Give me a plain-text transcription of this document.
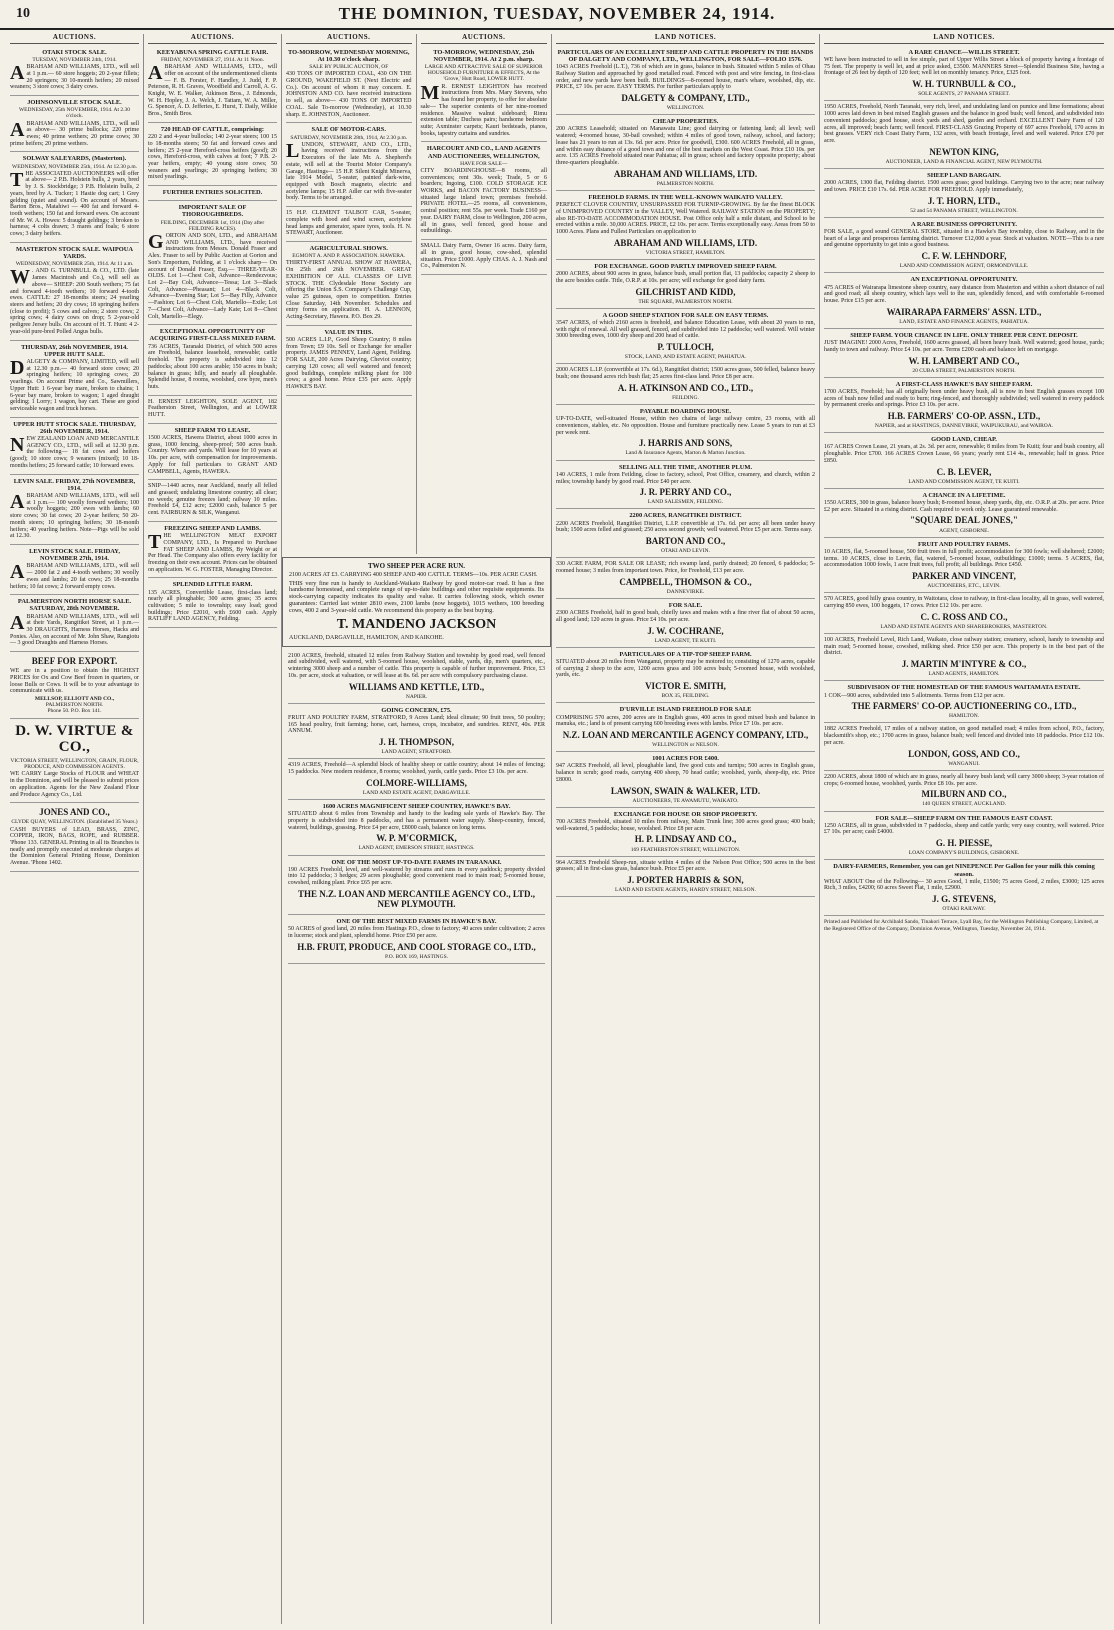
10	THE DOMINION, TUESDAY, NOVEMBER 24, 1914.
AUCTIONS.
OTAKI STOCK SALE.
TUESDAY, NOVEMBER 24th, 1914.

ABRAHAM AND WILLIAMS, LTD., will sell at 1 p.m.— 60 store hoggets; 20 2-year fillets; 20 springers; 30 10-month heifers; 20 mixed weaners; 3 store cows; 3 dairy cows.

JOHNSONVILLE STOCK SALE.
WEDNESDAY, 25th NOVEMBER, 1914. At 2.30 o'clock.

ABRAHAM AND WILLIAMS, LTD., will sell as above— 30 prime bullocks; 220 prime ewes; 40 prime wethers; 20 prime cows; 30 prime heifers; 20 prime wethers.

SOLWAY SALEYARDS, (Masterton).
WEDNESDAY, NOVEMBER 25th, 1914. At 12.30 p.m.

THE ASSOCIATED AUCTIONEERS will offer at above— 2 P.B. Holstein bulls, 2 years, bred by J. S. Stockbridge; 3 P.B. Holstein bulls, 2 years, bred by A. Tucker; 1 Hastie dog cart; 1 Grey gelding (quiet and sound). On account of Messrs. Barton Bros., Matahiwi — 400 fat and forward 4-tooth wethers; 150 fat and forward ewes. On account of Mr. W. A. Howes: 5 draught geldings; 3 broken to harness; 4 colts drawn; 3 mares and foals; 6 store cows; 3 dairy heifers.

MASTERTON STOCK SALE. WAIPOUA YARDS.
WEDNESDAY, NOVEMBER 25th, 1914. At 11 a.m.

W . AND G. TURNBULL & CO., LTD. (late James Macintosh and Co.), will sell as above— SHEEP: 200 South wethers; 75 fat and forward 4-tooth wethers; 10 forward 4-tooth ewes. CATTLE: 27 18-months steers; 24 yearling steers and heifers; 20 dry cows; 18 springing heifers (close to profit); 5 cows and calves; 2 store cows; 2 spring cows; 4 dairy cows on drop; 5 2-year-old pedigree Jersey bulls. On account of H. T. Hunt: 4 2-year-old pure-bred Polled Angus bulls.

THURSDAY, 26th NOVEMBER, 1914. UPPER HUTT SALE.

DALGETY & COMPANY, LIMITED, will sell at 12.30 p.m.— 40 forward store cows; 20 springing heifers; 10 springing cows; 20 yearlings. On account Prime and Co., Sawmillers, Upper Hutt: 1 6-year bay mare, broken to chains; 1 6-year bay mare, broken to wagon; 1 aged draught gelding; 1 Lorry; 1 wagon, bay cart. These are good serviceable wagon and truck horses.

UPPER HUTT STOCK SALE. THURSDAY, 26th NOVEMBER, 1914.

NEW ZEALAND LOAN AND MERCANTILE AGENCY CO., LTD., will sell at 12.30 p.m. the following— 18 fat cows and heifers (good); 10 store cows; 9 weaners (mixed); 10 18-months heifers; 25 forward cattle; 10 forward ewes.

LEVIN SALE. FRIDAY, 27th NOVEMBER, 1914.

ABRAHAM AND WILLIAMS, LTD., will sell at 1 p.m.— 100 woolly forward wethers; 100 woolly hoggets; 200 ewes with lambs; 60 store cows; 30 fat cows; 20 2-year heifers; 50 20-month steers; 10 springing heifers; 30 18-month heifers; 40 yearling heifers. Note—Pigs will be sold at 12.30.

LEVIN STOCK SALE. FRIDAY, NOVEMBER 27th, 1914.

ABRAHAM AND WILLIAMS, LTD., will sell— 2000 fat 2 and 4-tooth wethers; 30 woolly ewes and lambs; 20 fat cows; 25 18-months heifers; 10 fat cows; 2 forward empty cows.

PALMERSTON NORTH HORSE SALE. SATURDAY, 28th NOVEMBER.

ABRAHAM AND WILLIAMS, LTD., will sell at their Yards, Rangitikei Street, at 1 p.m.— 30 DRAUGHTS, Harness Horses, Hacks and Ponies. Also, on account of Mr. John Shaw, Rangiotu— 3 good Draughts and Harness Horses.

BEEF FOR EXPORT.

WE are in a position to obtain the HIGHEST PRICES for Ox and Cow Beef frozen in quarters, or loose Bulls or Cows. It will be to your advantage to communicate with us.

MELLSOP, ELLIOTT AND CO.,
PALMERSTON NORTH.
Phone 50. P.O. Box 141.
D. W. VIRTUE & CO.,
VICTORIA STREET, WELLINGTON, GRAIN, FLOUR, PRODUCE, AND COMMISSION AGENTS.

WE CARRY Large Stocks of FLOUR and WHEAT in the Dominion, and will be pleased to submit prices on application. Agents for the New Zealand Flour and Produce Agency Co., Ltd.

JONES AND CO.,
CLYDE QUAY, WELLINGTON. (Established 35 Years.)

CASH BUYERS of LEAD, BRASS, ZINC, COPPER, IRON, BAGS, ROPE, and RUBBER. 'Phone 133. GENERAL Printing in all its Branches is neatly and promptly executed at moderate charges at the Dominion General Printing House, Dominion Avenue. 'Phone 1402.

AUCTIONS.
KEEYABUNA SPRING CATTLE FAIR.
FRIDAY, NOVEMBER 27, 1914. At 11 Noon.

ABRAHAM AND WILLIAMS, LTD., will offer on account of the undermentioned clients — F. B. Forster, F. Handley, J. Judd, F. P. Peterson, R. H. Graves, Woodfield and Carroll, A. G. Knight, W. E. Walker, Atkinson Bros., J. Edmonds, W. H. Hopley, J. A. Welch, J. Tattam, W. A. Miller, G. Spencer, A. D. Jefferies, E. Hurst, T. Daily, Wilkie Bros., Smith Bros.

720 HEAD OF CATTLE, comprising:

220 2 and 4-year bullocks; 140 2-year steers; 100 15 to 18-months steers; 50 fat and forward cows and heifers; 25 2-year Hereford-cross heifers (good); 20 cows, Hereford-cross, with calves at foot; 7 P.B. 2-year heifers, empty; 40 young store cows; 50 weaners and yearlings; 20 springing heifers; 30 mixed yearlings.

FURTHER ENTRIES SOLICITED.
IMPORTANT SALE OF THOROUGHBREDS.
FEILDING, DECEMBER 1st, 1914 (Day after FEILDING RACES).

GORTON AND SON, LTD., and ABRAHAM AND WILLIAMS, LTD., have received instructions from Messrs. Donald Fraser and Alex. Fraser to sell by Public Auction at Gorton and Son's Emporium, Feilding, at 1 o'clock sharp— On account of Donald Fraser, Esq.— THREE-YEAR-OLDS. Lot 1—Chest Colt, Advance—Rendezvous; Lot 2—Bay Colt, Advance—Tessa; Lot 3—Black Colt, Advance—Pheasant; Lot 4—Black Colt, Advance—Evening Star; Lot 5—Bay Filly, Advance—Fashion; Lot 6—Chest Colt, Martello—Exile; Lot 7—Chest Colt, Advance—Lady Kate; Lot 8—Chest Colt, Martello—Elegy.

EXCEPTIONAL OPPORTUNITY OF ACQUIRING FIRST-CLASS MIXED FARM.

736 ACRES, Taranaki District, of which 500 acres are Freehold, balance leasehold, renewable; cattle freehold. The property is subdivided into 12 paddocks; about 100 acres arable; 150 acres in bush; balance in grass; hilly, and nearly all ploughable. Splendid house, 8 rooms, woolshed, cow byre, men's huts.

H. ERNEST LEIGHTON, SOLE AGENT, 182 Featherston Street, Wellington, and at LOWER HUTT.

SHEEP FARM TO LEASE.

1500 ACRES, Hawera District, about 1000 acres in grass, 1000 fencing, sheep-proof; 500 acres bush. Country. Where and yards. Will lease for 10 years at 10s. per acre, with compensation for improvements. Apply for full particulars to GRANT AND CAMPBELL, Agents, HAWERA.

SNIP—1440 acres, near Auckland, nearly all felled and grassed; undulating limestone country; all clear; no weeds; genuine freezes land; railway 10 miles. Freehold £4, £12 acre; £2000 cash, balance 5 per cent. FAIRBURN & SILK, Wanganui.

FREEZING SHEEP AND LAMBS.

THE WELLINGTON MEAT EXPORT COMPANY, LTD., Is Prepared to Purchase FAT SHEEP AND LAMBS, By Weight or at Per Head. The Company also offers every facility for freezing on their own account. Prices can be obtained on application. W. G. FOSTER, Managing Director.

SPLENDID LITTLE FARM.

135 ACRES, Convertible Lease, first-class land; nearly all ploughable; 300 acres grass; 35 acres cultivation; 5 mile to township; easy load; good buildings; Price £2010, with £600 cash. Apply RATLIFF LAND AGENCY, Feilding.

AUCTIONS.
TO-MORROW, WEDNESDAY MORNING, At 10.30 o'clock sharp.
SALE BY PUBLIC AUCTION, OF

430 TONS OF IMPORTED COAL, 430 ON THE GROUND, WAKEFIELD ST. (Next Electric and Co.). On account of whom it may concern. E. JOHNSTON AND CO. have received instructions to sell, as above— 430 TONS OF IMPORTED COAL. Sale To-morrow (Wednesday), at 10.30 sharp. E. JOHNSTON, Auctioneer.

SALE OF MOTOR-CARS.
SATURDAY, NOVEMBER 28th, 1914, At 2.30 p.m.

LUNDON, STEWART, AND CO., LTD., having received instructions from the Executors of the late Mr. A. Shepherd's estate, will sell at the Tourist Motor Company's Garage, Hastings— 15 H.P. Silent Knight Minerva, late 1914 Model, 5-seater, painted dark-wine, equipped with Bosch magneto, electric and acetylene lamps; 15 H.P. Adler car with five-seater body. Terms to be arranged.

15 H.P. CLEMENT TALBOT CAR, 5-seater, complete with hood and wind screen, acetylene head lamps and generator, spare tyres, tools. H. N. STEWART, Auctioneer.

AGRICULTURAL SHOWS.
EGMONT A. AND P. ASSOCIATION. HAWERA.

THIRTY-FIRST ANNUAL SHOW AT HAWERA, On 25th and 26th NOVEMBER. GREAT EXHIBITION OF ALL CLASSES OF LIVE STOCK. THE Clydesdale Horse Society are offering the Union S.S. Company's Challenge Cup, value 25 guineas, open to competition. Entries Close Saturday, 14th November. Schedules and entry forms on application. H. A. LENNON, Acting-Secretary, Hawera. P.O. Box 29.

VALUE IN THIS.

500 ACRES L.I.P., Good Sheep Country; 8 miles from Town; £9 10s. Sell or Exchange for smaller property. JAMES PENNEY, Land Agent, Feilding. FOR SALE, 200 Acres Dairying, Cheviot country; carrying 120 cows; all well watered and fenced; good buildings, complete milking plant for 100 cows; a good home. Price £35 per acre. Apply HAWKE'S BAY.

AUCTIONS.
TO-MORROW, WEDNESDAY, 25th NOVEMBER, 1914. At 2 p.m. sharp.
LARGE AND ATTRACTIVE SALE OF SUPERIOR HOUSEHOLD FURNITURE & EFFECTS, At the 'Grove,' Hutt Road, LOWER HUTT.

M R. ERNEST LEIGHTON has received instructions from Mrs. Mary Stevens, who has found her property, to offer for absolute sale— The superior contents of her nine-roomed residence. Massive walnut sideboard; Rimu extension table; Duchess pairs; handsome bedroom suite; Axminster carpets; Kauri bedsteads, pianos, books, tapestry curtains and sundries.

HARCOURT AND CO., LAND AGENTS AND AUCTIONEERS, WELLINGTON,
HAVE FOR SALE—

CITY BOARDINGHOUSE—8 rooms, all conveniences; rent 30s. week; Trade, 5 or 6 boarders; Ingoing, £100. COLD STORAGE ICE WORKS, and BACON FACTORY BUSINESS— situated large inland town; premises freehold. PRIVATE HOTEL—25 rooms, all conveniences, central position; rent 55s. per week. Trade £160 per year. DAIRY FARM, close to Wellington, 200 acres, all in grass, well fenced, good house and outbuildings.

SMALL Dairy Farm, Owner 16 acres. Dairy farm, all in grass, good house, cow-shed, splendid situation. Price £1000. Apply CHAS. A. J. Nash and Co., Palmerston N.

TWO SHEEP PER ACRE RUN.
2100 ACRES AT £3. CARRYING 400 SHEEP AND 400 CATTLE. TERMS—10s. PER ACRE CASH.

THIS very fine run is handy to Auckland-Waikato Railway by good motor-car road. It has a fine handsome homestead, and complete range of up-to-date buildings and other requisite equipments. Its stock-carrying capacity indicates its quality and value. It carries following stock, which owner guarantees: Carried last winter 2810 ewes, 2100 lambs (now hoggets), 1015 wethers, 100 breeding cows, 400 2 and 3-year-old cattle. We recommend this property as the best buying.

T. MANDENO JACKSON
AUCKLAND, DARGAVILLE, HAMILTON, AND KAIKOHE.

2100 ACRES, freehold, situated 12 miles from Railway Station and township by good road, well fenced and subdivided, well watered, with 5-roomed house, woolshed, stable, yards, dip, men's quarters, etc., wintering 3000 sheep and a number of cattle. This property is capable of further improvement. Price, £3 10s. per acre, stock at valuation, or will lease at 8s. 6d. per acre with compulsory purchasing clause.

WILLIAMS AND KETTLE, LTD.,
NAPIER.
GOING CONCERN, £75.

FRUIT AND POULTRY FARM, STRATFORD, 9 Acres Land; ideal climate; 90 fruit trees, 50 poultry; 165 head poultry, fruit farming; horse, cart, harness, crops, incubator, and sundries. RENT, 40s. PER ANNUM.

J. H. THOMPSON,
LAND AGENT, STRATFORD.

4319 ACRES, Freehold—A splendid block of healthy sheep or cattle country; about 14 miles of fencing; 15 paddocks. New modern residence, 8 rooms; woolshed, yards, cattle yards. Price £3 10s. per acre.

COLMORE-WILLIAMS,
LAND AND ESTATE AGENT, DARGAVILLE.
1600 ACRES MAGNIFICENT SHEEP COUNTRY, HAWKE'S BAY.

SITUATED about 6 miles from Township and handy to the leading sale yards of Hawke's Bay. The property is subdivided into 8 paddocks, and has a permanent water supply. Sheep-country, fenced, watered, buildings, grassing. Price £4 per acre, £8000 cash, balance on long terms.

W. P. M'CORMICK,
LAND AGENT, EMERSON STREET, HASTINGS.
ONE OF THE MOST UP-TO-DATE FARMS IN TARANAKI.

190 ACRES Freehold, level, and well-watered by streams and runs in every paddock; property divided into 12 paddocks; 3 hedges; 29 acres ploughable; good convenient road to main road; 5-roomed house, cowshed, milking plant. Price £65 per acre.

THE N.Z. LOAN AND MERCANTILE AGENCY CO., LTD., NEW PLYMOUTH.
ONE OF THE BEST MIXED FARMS IN HAWKE'S BAY.

50 ACRES of good land, 20 miles from Hastings P.O., close to factory; 40 acres under cultivation; 2 acres in lucerne; stock and plant, splendid home. Price £50 per acre.

H.B. FRUIT, PRODUCE, AND COOL STORAGE CO., LTD.,
P.O. BOX 169, HASTINGS.
LAND NOTICES.
PARTICULARS OF AN EXCELLENT SHEEP AND CATTLE PROPERTY IN THE HANDS OF DALGETY AND COMPANY, LTD., WELLINGTON, FOR SALE—FOLIO 1576.

1043 ACRES Freehold (L.T.), 736 of which are in grass, balance in bush. Situated within 5 miles of Ohau Railway Station and approached by good metalled road. Fenced with post and wire fencing, in first-class order, and new yards have been built. BUILDINGS—8-roomed house, man's whare, woolshed, dip, etc. PRICE, £7 10s. per acre. EASY TERMS. For further particulars apply to

DALGETY & COMPANY, LTD.,
WELLINGTON.
CHEAP PROPERTIES.

200 ACRES Leasehold; situated on Manawatu Line; good dairying or fattening land; all level; well watered; 4-roomed house, 30-bail cowshed; within 4 miles of good town, railway, school, and factory; lease has 21 years to run at 13s. 6d. per acre. Price for goodwill, £300. 600 ACRES Freehold, all in grass, and within easy distance of a good town and one of the best markets on the West Coast. Price £10 10s. per acre. 135 ACRES Freehold situated near Pahiatua; all in grass; school and factory opposite property; about three-quarters ploughable.

ABRAHAM AND WILLIAMS, LTD.
PALMERSTON NORTH.
FREEHOLD FARMS. IN THE WELL-KNOWN WAIKATO VALLEY.

PERFECT CLOVER COUNTRY, UNSURPASSED FOR TURNIP-GROWING. By far the finest BLOCK of UNIMPROVED COUNTRY in the VALLEY, Well Watered. RAILWAY STATION on the PROPERTY; also RE-TO-DATE ACCOMMODATION HOUSE. Post Office only half a mile distant, and School to be erected within a mile. 30,000 ACRES. PRICE, £2 10s. per acre. Terms exceptionally easy. Areas from 50 to 1000 Acres. Plans and Fullest Particulars on application to

ABRAHAM AND WILLIAMS, LTD.
VICTORIA STREET, HAMILTON.
FOR EXCHANGE. GOOD PARTLY IMPROVED SHEEP FARM.

2000 ACRES, about 900 acres in grass, balance bush, small portion flat, 13 paddocks; capacity 2 sheep to the acre besides cattle. Title, O.R.P. at 10s. per acre; will exchange for good dairy farm.

GILCHRIST AND KIDD,
THE SQUARE, PALMERSTON NORTH.
A GOOD SHEEP STATION FOR SALE ON EASY TERMS.

3547 ACRES, of which 2160 acres is freehold, and balance Education Lease, with about 20 years to run, with right of renewal. All well grassed, fenced, and subdivided into 12 paddocks; well watered. Will winter 3000 breeding ewes, 1000 dry sheep and 200 head of cattle.

P. TULLOCH,
STOCK, LAND, AND ESTATE AGENT, PAHIATUA.

2000 ACRES L.I.P. (convertible at 17s. 6d.), Rangitikei district; 1500 acres grass, 500 felled, balance heavy bush; one thousand acres rich bush flat; 25 acres first-class land. Price £8 per acre.

A. H. ATKINSON AND CO., LTD.,
FEILDING.
PAYABLE BOARDING HOUSE.

UP-TO-DATE, well-situated House, within two chains of large railway centre, 23 rooms, with all conveniences, stables, etc. No opposition. House and furniture practically new. Lease 5 years to run at £3 per week rent.

J. HARRIS AND SONS,
Land & Insurance Agents, Marton & Marton Junction.
SELLING ALL THE TIME, ANOTHER PLUM.

140 ACRES, 1 mile from Feilding, close to factory, school, Post Office, creamery, and church, within 2 miles; township handy by good road. Price £40 per acre.

J. R. PERRY AND CO.,
LAND SALESMEN, FEILDING.
2200 ACRES, RANGITIKEI DISTRICT.

2200 ACRES Freehold, Rangitikei District, L.I.P. convertible at 17s. 6d. per acre; all been under heavy bush; 1500 acres felled and grassed; 250 acres second growth; well watered. Price £5 per acre. Terms easy.

BARTON AND CO.,
OTAKI AND LEVIN.

330 ACRE FARM, FOR SALE OR LEASE; rich swamp land, partly drained; 20 fenced, 6 paddocks; 5-roomed house; 3 miles from important town. Price, for Freehold, £13 per acre.

CAMPBELL, THOMSON & CO.,
DANNEVIRKE.
FOR SALE.

2300 ACRES Freehold, half in good bush, chiefly taws and makes with a fine river flat of about 50 acres, all good land; 120 acres in grass. Price £4 10s. per acre.

J. W. COCHRANE,
LAND AGENT, TE KUITI.
PARTICULARS OF A TIP-TOP SHEEP FARM.

SITUATED about 20 miles from Wanganui, property may be motored to; consisting of 1270 acres, capable of carrying 2 sheep to the acre, 1200 acres grass and 100 acres bush; 5-roomed house, with woolshed, yards, etc.

VICTOR E. SMITH,
BOX 35, FEILDING.
D'URVILLE ISLAND FREEHOLD FOR SALE

COMPRISING 570 acres, 200 acres are in English grass, 400 acres in good mixed bush and balance in manuka, etc.; land is of present carrying 600 breeding ewes with lambs. Price £7 10s. per acre.

N.Z. LOAN AND MERCANTILE AGENCY COMPANY, LTD.,
WELLINGTON or NELSON.
1001 ACRES FOR £400.

947 ACRES Freehold, all level, ploughable land, five good cuts and turnips; 500 acres in English grass, balance in scrub; good roads, carrying 400 sheep, 70 head cattle; woolshed, yards, sheep-dip, etc. Price £8000.

LAWSON, SWAIN & WALKER, LTD.
AUCTIONEERS, TE AWAMUTU, WAIKATO.
EXCHANGE FOR HOUSE OR SHOP PROPERTY.

700 ACRES Freehold, situated 10 miles from railway, Main Trunk line; 300 acres good grass; 400 bush; well-watered, 5 paddocks; house, woolshed. Price £8 per acre.

H. P. LINDSAY AND CO.,
169 FEATHERSTON STREET, WELLINGTON.

964 ACRES Freehold Sheep-run, situate within 4 miles of the Nelson Post Office; 500 acres in the best grasses; all in first-class grass, balance bush. Price £5 per acre.

J. PORTER HARRIS & SON,
LAND AND ESTATE AGENTS, HARDY STREET, NELSON.
LAND NOTICES.
A RARE CHANCE—WILLIS STREET.

WE have been instructed to sell in fee simple, part of Upper Willis Street a block of property having a frontage of 75 feet. The property is well let, and at price asked, £3500. MANNERS Street—Splendid Business Site, having a frontage of 26 feet by depth of 120 feet; well let on monthly tenancy. Price, £325 foot.

W. H. TURNBULL & CO.,
SOLE AGENTS, 27 PANAMA STREET.

1950 ACRES, Freehold, North Taranaki, very rich, level, and undulating land on pumice and lime formations; about 1000 acres laid down in best mixed English grasses and the balance in good bush; well fenced, and subdivided into convenient paddocks; good house, stock yards and shed, garden and orchard. EXCELLENT Dairy Farm of 120 acres, all improved; beach farm; well fenced. FIRST-CLASS Grazing Property of 697 acres Freehold, 170 acres in best grasses. VERY rich Coast Dairy Farm, 132 acres, with beach frontage, level and well watered. Price £70 per acre.

NEWTON KING,
AUCTIONEER, LAND & FINANCIAL AGENT, NEW PLYMOUTH.
SHEEP LAND BARGAIN.

2000 ACRES, 1300 flat, Feilding district. 1500 acres grass; good buildings. Carrying two to the acre; near railway and town. PRICE £10 17s. 6d. PER ACRE FOR FREEHOLD. Apply immediately,

J. T. HORN, LTD.,
52 and 54 PANAMA STREET, WELLINGTON.
A RARE BUSINESS OPPORTUNITY.

FOR SALE, a good sound GENERAL STORE, situated in a Hawke's Bay township, close to Railway, and in the heart of a large and prosperous farming district. Turnover £12,000 a year. Stock at valuation. NOTE—This is a rare and genuine opportunity to get into a good business.

C. F. W. LEHNDORF,
LAND AND COMMISSION AGENT, ORMONDVILLE.
AN EXCEPTIONAL OPPORTUNITY.

475 ACRES of Wairarapa limestone sheep country, easy distance from Masterton and within a short distance of rail and good road; all sheep country, which lays well to the sun, splendidly fenced, and with comfortable 6-roomed house. Price £15 per acre.

WAIRARAPA FARMERS' ASSN. LTD.,
LAND, ESTATE AND FINANCE AGENTS, PAHIATUA.
SHEEP FARM. YOUR CHANCE IN LIFE. ONLY THREE PER CENT. DEPOSIT.

JUST IMAGINE! 2000 Acres, Freehold, 1600 acres grassed, all been heavy bush. Well watered; good house, yards; handy to town and railway. Price £4 10s. per acre. Terms £200 cash and balance left on mortgage.

W. H. LAMBERT AND CO.,
20 CUBA STREET, PALMERSTON NORTH.
A FIRST-CLASS HAWKE'S BAY SHEEP FARM.

1700 ACRES, Freehold; has all originally been under heavy bush, all is now in best English grasses except 100 acres of bush now felled and ready to burn; ring-fenced, and thoroughly subdivided; well watered in every paddock by permanent creeks and springs. Price £3 10s. per acre.

H.B. FARMERS' CO-OP. ASSN., LTD.,
NAPIER, and at HASTINGS, DANNEVIRKE, WAIPUKURAU, and WAIROA.
GOOD LAND, CHEAP.

167 ACRES Crown Lease, 21 years, at 2s. 3d. per acre, renewable; 8 miles from Te Kuiti; four and bush country, all ploughable. Price £700. 166 ACRES Crown Lease, 66 years; yearly rent £14 4s., renewable; half in grass. Price £850.

C. B. LEVER,
LAND AND COMMISSION AGENT, TE KUITI.
A CHANCE IN A LIFETIME.

1550 ACRES, 300 in grass, balance heavy bush; 8-roomed house, sheep yards, dip, etc. O.R.P. at 20s. per acre. Price £2 per acre. Situated in a rising district. Cash required to work only. Lease guaranteed renewable.

"SQUARE DEAL JONES,"
AGENT, GISBORNE.
FRUIT AND POULTRY FARMS.

10 ACRES, flat, 5-roomed house, 500 fruit trees in full profit; accommodation for 300 fowls; well sheltered; £2000; terms. 10 ACRES, close to Levin, flat, watered, 5-roomed house, outbuildings; £1000; terms. 5 ACRES, flat, accommodation 1000 fowls, 1 acre fruit trees, full profit; all buildings. Price £450.

PARKER AND VINCENT,
AUCTIONEERS, ETC., LEVIN.

570 ACRES, good hilly grass country, in Waitotara, close to railway, in first-class locality, all in grass, well watered, carrying 850 ewes, 100 hoggets, 17 cows. Price £12 10s. per acre.

C. C. ROSS AND CO.,
LAND AND ESTATE AGENTS AND SHAREBROKERS, MASTERTON.

100 ACRES, Freehold Level, Rich Land, Waikato, close railway station; creamery, school, handy to township and main road; 5-roomed house, cowshed, milking shed. Price £50 per acre. This property is in the best part of the district.

J. MARTIN M'INTYRE & CO.,
LAND AGENTS, HAMILTON.
SUBDIVISION OF THE HOMESTEAD OF THE FAMOUS WAITAMATA ESTATE.

1 COK—900 acres, subdivided into 5 allotments. Terms from £12 per acre.

THE FARMERS' CO-OP. AUCTIONEERING CO., LTD.,
HAMILTON.

1882 ACRES Freehold, 17 miles of a railway station, on good metalled road; 4 miles from school, P.O., factory, blacksmith's shop, etc.; 1700 acres in grass, balance bush; well fenced and divided into 18 paddocks. Price £12 10s. per acre.

LONDON, GOSS, AND CO.,
WANGANUI.

2200 ACRES, about 1800 of which are in grass, nearly all heavy bush land; will carry 3000 sheep; 3-year rotation of crops; 6-roomed house, woolshed, yards. Price £8 10s. per acre.

MILBURN AND CO.,
140 QUEEN STREET, AUCKLAND.
FOR SALE—SHEEP FARM ON THE FAMOUS EAST COAST.

1250 ACRES, all in grass, subdivided in 7 paddocks, sheep and cattle yards; very easy country, well watered. Price £7 10s. per acre; cash £4000.

G. H. PIESSE,
LOAN COMPANY'S BUILDINGS, GISBORNE.
DAIRY-FARMERS, Remember, you can get NINEPENCE Per Gallon for your milk this coming season.

WHAT ABOUT One of the Following— 30 acres Good, 1 mile, £1500; 75 acres Good, 2 miles, £3000; 125 acres Rich, 3 miles, £4200; 60 acres Sweet Flat, 1 mile, £2900.

J. G. STEVENS,
OTAKI RAILWAY.
Printed and Published for Archibald Sando, Tinakori Terrace, Lyall Bay, for the Wellington Publishing Company, Limited, at the Registered Office of the Company, Dominion Avenue, Wellington, Tuesday, November 24, 1914.
